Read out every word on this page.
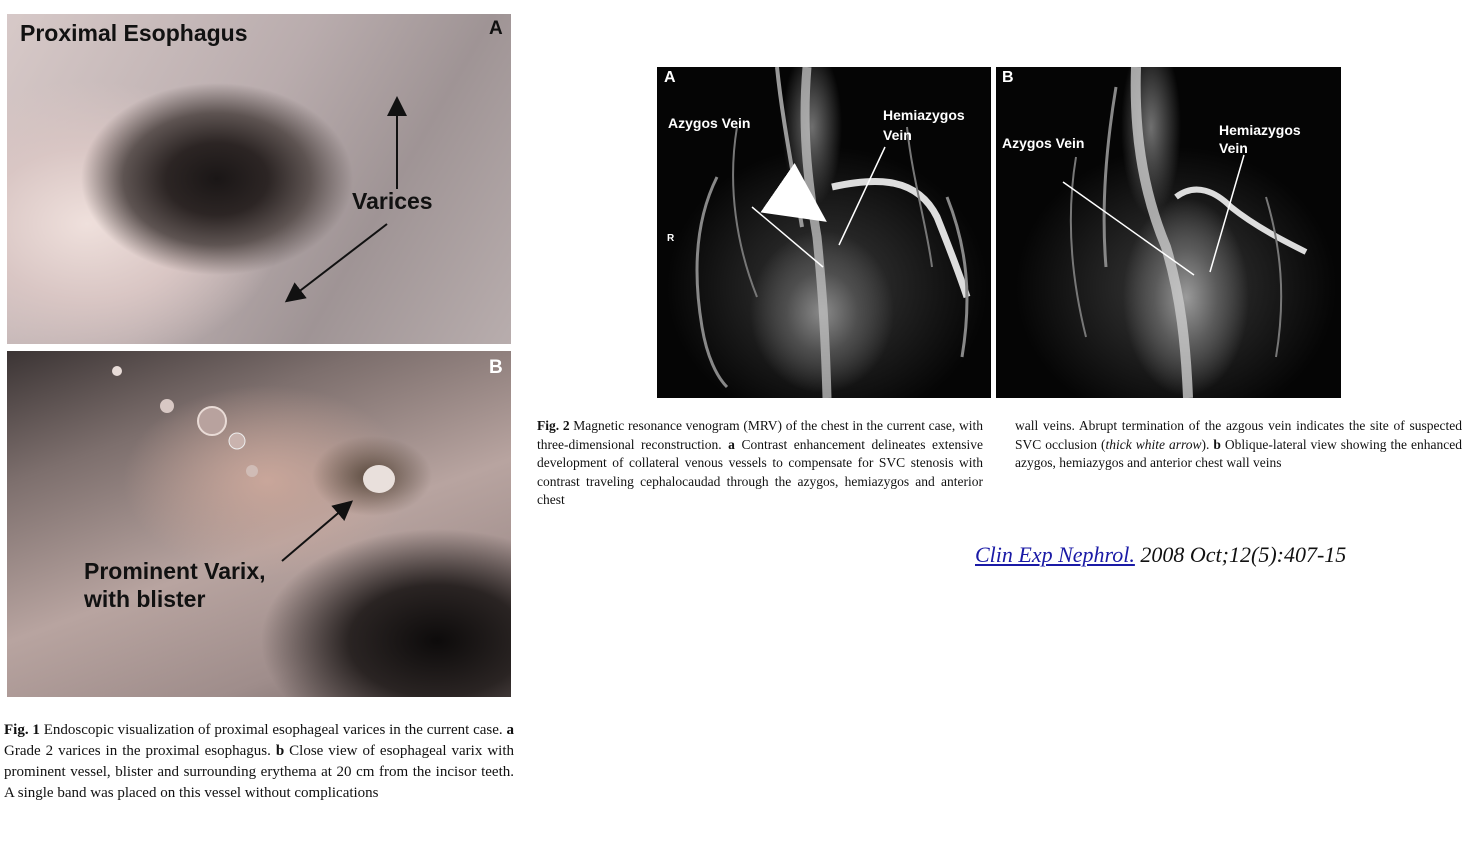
Proximal Esophagus	A
Varices
B
Prominent Varix,
with blister
Fig. 1 Endoscopic visualization of proximal esophageal varices in the current case. a Grade 2 varices in the proximal esophagus. b Close view of esophageal varix with prominent vessel, blister and surrounding erythema at 20 cm from the incisor teeth. A single band was placed on this vessel without complications
A
Azygos Vein	Hemiazygos
Vein
R
B
Azygos Vein
Hemiazygos
Vein
Fig. 2 Magnetic resonance venogram (MRV) of the chest in the current case, with three-dimensional reconstruction. a Contrast enhancement delineates extensive development of collateral venous vessels to compensate for SVC stenosis with contrast traveling cephalocaudad through the azygos, hemiazygos and anterior chest
wall veins. Abrupt termination of the azgous vein indicates the site of suspected SVC occlusion (thick white arrow). b Oblique-lateral view showing the enhanced azygos, hemiazygos and anterior chest wall veins
Clin Exp Nephrol. 2008 Oct;12(5):407-15
